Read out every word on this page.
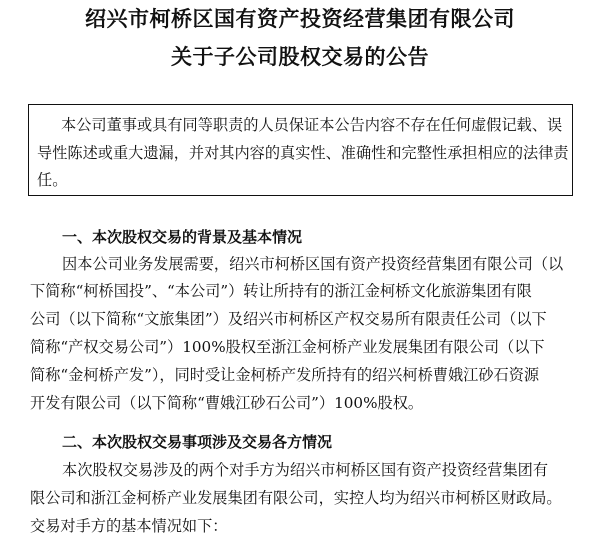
绍兴市柯桥区国有资产投资经营集团有限公司
关于子公司股权交易的公告
本公司董事或具有同等职责的人员保证本公告内容不存在任何虚假记载、误
导性陈述或重大遗漏，并对其内容的真实性、准确性和完整性承担相应的法律责
任。
一、本次股权交易的背景及基本情况
因本公司业务发展需要，绍兴市柯桥区国有资产投资经营集团有限公司（以
下简称“柯桥国投”、“本公司”）转让所持有的浙江金柯桥文化旅游集团有限
公司（以下简称“文旅集团”）及绍兴市柯桥区产权交易所有限责任公司（以下
简称“产权交易公司”）100%股权至浙江金柯桥产业发展集团有限公司（以下
简称“金柯桥产发”），同时受让金柯桥产发所持有的绍兴柯桥曹娥江砂石资源
开发有限公司（以下简称“曹娥江砂石公司”）100%股权。
二、本次股权交易事项涉及交易各方情况
本次股权交易涉及的两个对手方为绍兴市柯桥区国有资产投资经营集团有
限公司和浙江金柯桥产业发展集团有限公司，实控人均为绍兴市柯桥区财政局。
交易对手方的基本情况如下：
